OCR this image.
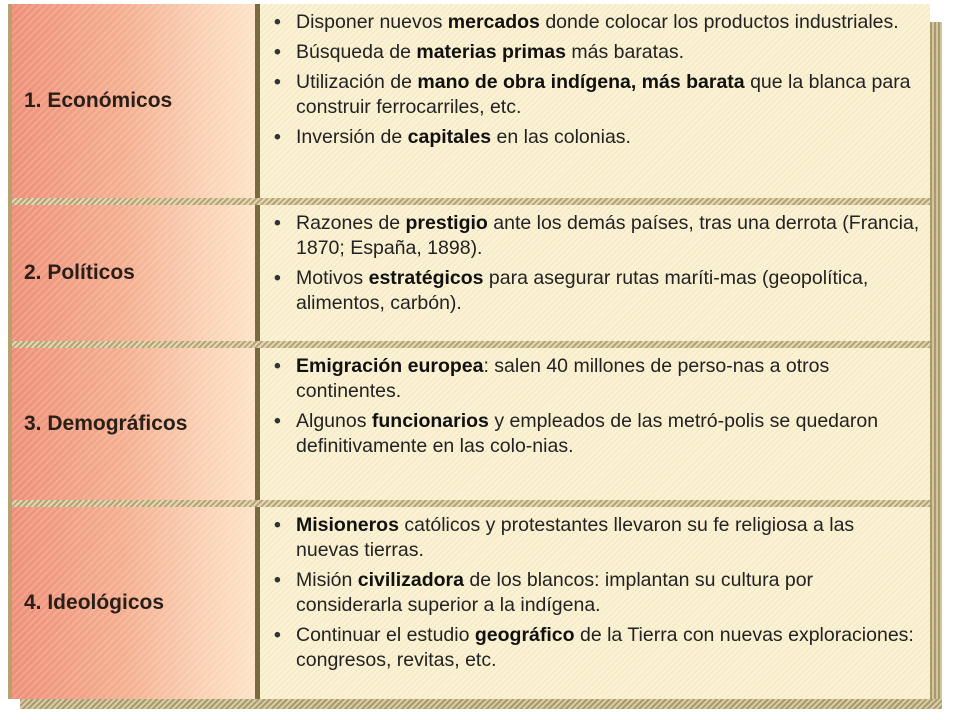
1. Económicos
• Disponer nuevos mercados donde colocar los productos industriales.
• Búsqueda de materias primas más baratas.
• Utilización de mano de obra indígena, más barata que la blanca para construir ferrocarriles, etc.
• Inversión de capitales en las colonias.
2. Políticos
• Razones de prestigio ante los demás países, tras una derrota (Francia, 1870; España, 1898).
• Motivos estratégicos para asegurar rutas maríti-mas (geopolítica, alimentos, carbón).
3. Demográficos
• Emigración europea: salen 40 millones de perso-nas a otros continentes.
• Algunos funcionarios y empleados de las metró-polis se quedaron definitivamente en las colo-nias.
4. Ideológicos
• Misioneros católicos y protestantes llevaron su fe religiosa a las nuevas tierras.
• Misión civilizadora de los blancos: implantan su cultura por considerarla superior a la indígena.
• Continuar el estudio geográfico de la Tierra con nuevas exploraciones: congresos, revitas, etc.
